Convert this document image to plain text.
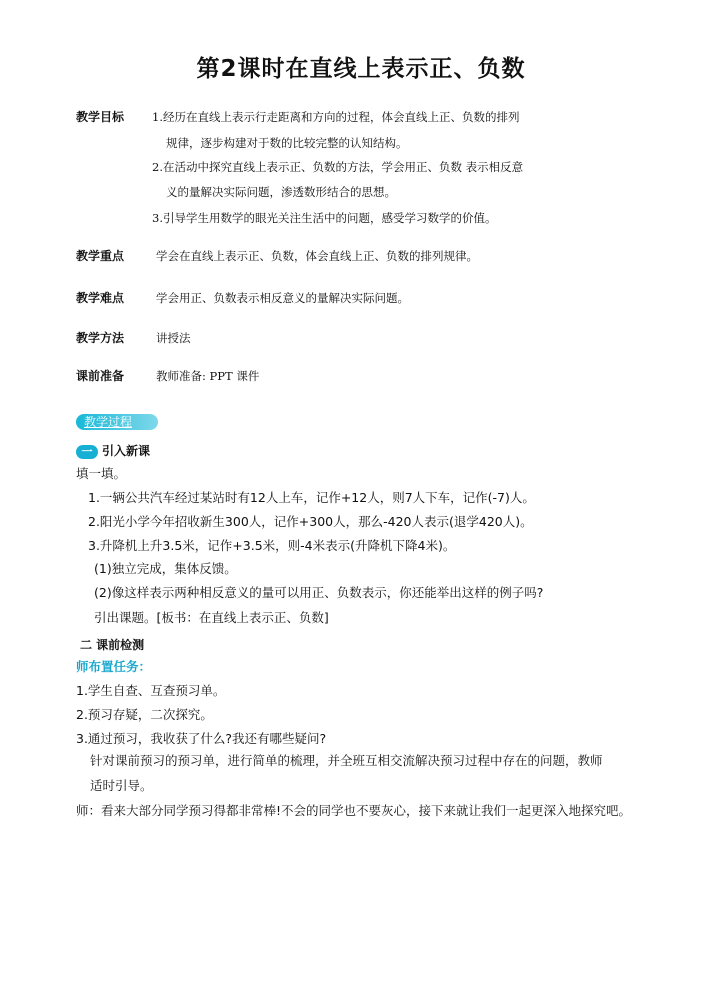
第2课时在直线上表示正、负数
教学目标 1.经历在直线上表示行走距离和方向的过程，体会直线上正、负数的排列
规律，逐步构建对于数的比较完整的认知结构。
2.在活动中探究直线上表示正、负数的方法，学会用正、负数 表示相反意
义的量解决实际问题，渗透数形结合的思想。
3.引导学生用数学的眼光关注生活中的问题，感受学习数学的价值。
教学重点	学会在直线上表示正、负数，体会直线上正、负数的排列规律。
教学难点	学会用正、负数表示相反意义的量解决实际问题。
教学方法	讲授法
课前准备	教师准备: PPT 课件
教学过程
一 引入新课
填一填。
1.一辆公共汽车经过某站时有12人上车，记作+12人，则7人下车，记作(-7)人。
2.阳光小学今年招收新生300人，记作+300人，那么-420人表示(退学420人)。
3.升降机上升3.5米，记作+3.5米，则-4米表示(升降机下降4米)。
(1)独立完成，集体反馈。
(2)像这样表示两种相反意义的量可以用正、负数表示，你还能举出这样的例子吗?
引出课题。[板书：在直线上表示正、负数]
二 课前检测
师布置任务：
1.学生自查、互查预习单。
2.预习存疑，二次探究。
3.通过预习，我收获了什么?我还有哪些疑问?
针对课前预习的预习单，进行简单的梳理，并全班互相交流解决预习过程中存在的问题，教师
适时引导。
师：看来大部分同学预习得都非常棒!不会的同学也不要灰心，接下来就让我们一起更深入地探究吧。
